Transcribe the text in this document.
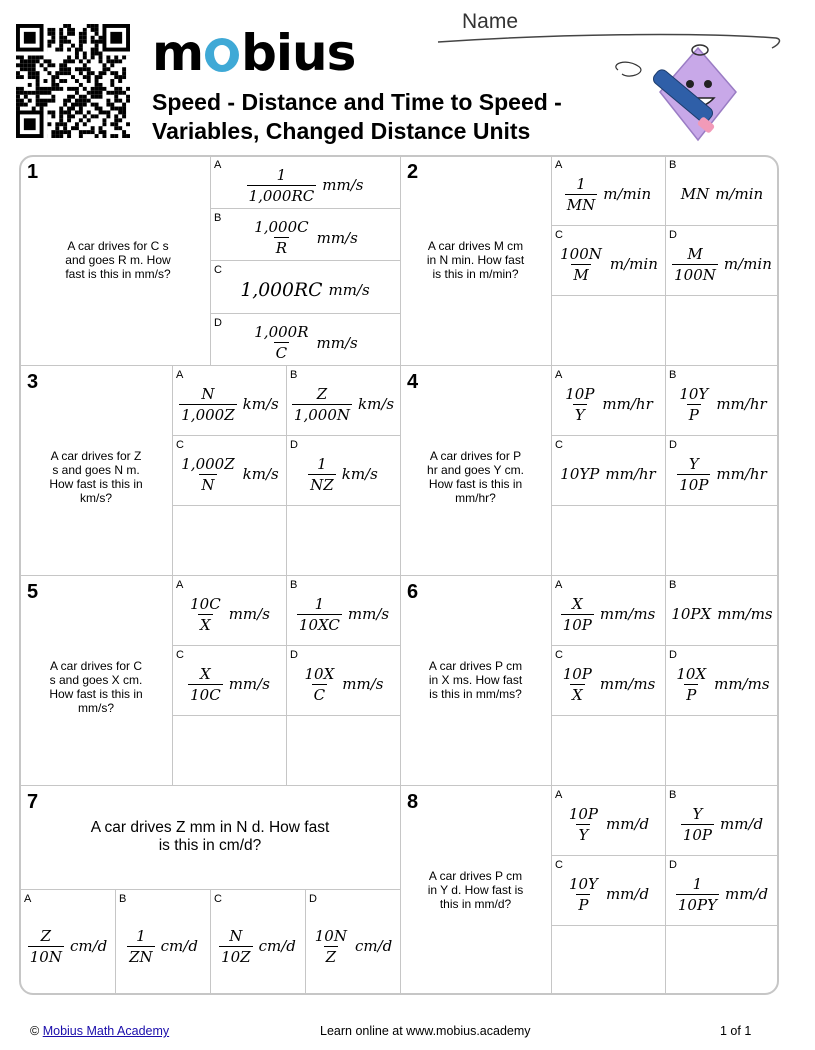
m bius
Speed - Distance and Time to Speed -
Variables, Changed Distance Units
Name
1
A car drives for C s and goes R m. How fast is this in mm/s?
A
$\frac{1}{1,000RC} mm/s$
B
$\frac{1,000C}{R} mm/s$
C
1,000RC mm/s
D
$\frac{1,000R}{C} mm/s$
2
A car drives M cm in N min. How fast is this in m/min?
A
$\frac{1}{MN} m/\min$
B
MN m/min
C
$\frac{100N}{M} m/\min$
D
$\frac{M}{100N} m/\min$
3
A car drives for Z s and goes N m. How fast is this in km/s?
A
$\frac{N}{1,000Z} km/s$
B
$\frac{Z}{1,000N} km/s$
C
$\frac{1,000Z}{N} km/s$
D
$\frac{1}{NZ} km/s$
4
A car drives for P hr and goes Y cm. How fast is this in mm/hr?
A
$\frac{10P}{Y} mm/hr$
B
$\frac{10Y}{P} mm/hr$
C
10YP mm/hr
D
$\frac{Y}{10P} mm/hr$
5
A car drives for C s and goes X cm. How fast is this in mm/s?
A
$\frac{10C}{X} mm/s$
B
$\frac{1}{10XC} mm/s$
C
$\frac{X}{10C} mm/s$
D
$\frac{10X}{C} mm/s$
6
A car drives P cm in X ms. How fast is this in mm/ms?
A
$\frac{X}{10P} mm/ms$
B
10PX mm/ms
C
$\frac{10P}{X} mm/ms$
D
$\frac{10X}{P} mm/ms$
7
A car drives Z mm in N d. How fast is this in cm/d?
A
$\frac{Z}{10N} cm/d$
B
$\frac{1}{ZN} cm/d$
C
$\frac{N}{10Z} cm/d$
D
$\frac{10N}{Z} cm/d$
8
A car drives P cm in Y d. How fast is this in mm/d?
A
$\frac{10P}{Y} mm/d$
B
$\frac{Y}{10P} mm/d$
C
$\frac{10Y}{P} mm/d$
D
$\frac{1}{10PY} mm/d$
© Mobius Math Academy	Learn online at www.mobius.academy	1 of 1
